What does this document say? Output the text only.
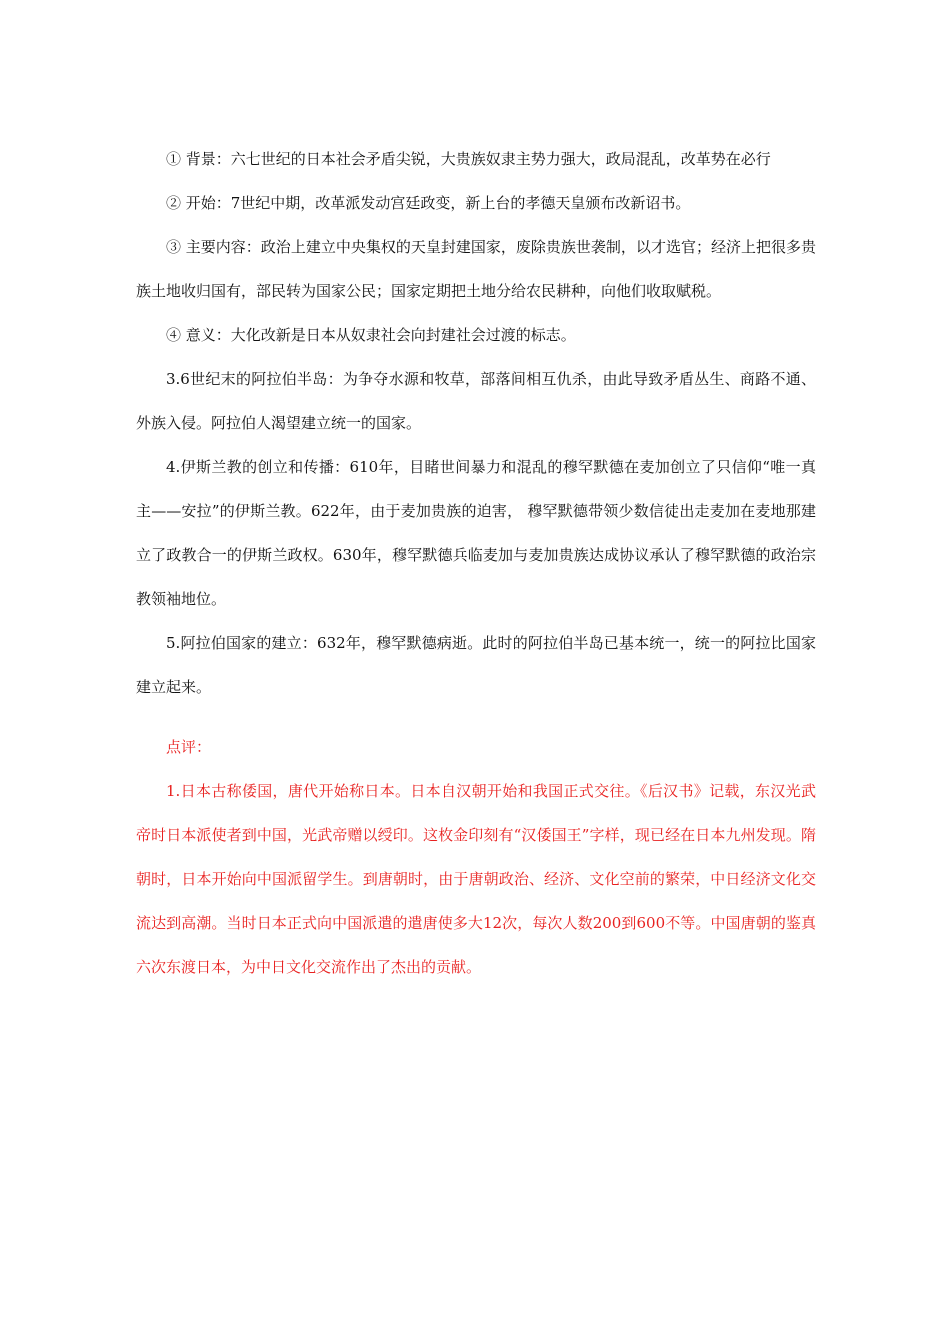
① 背景：六七世纪的日本社会矛盾尖锐，大贵族奴隶主势力强大，政局混乱，改革势在必行

② 开始：7世纪中期，改革派发动宫廷政变，新上台的孝德天皇颁布改新诏书。

③ 主要内容：政治上建立中央集权的天皇封建国家，废除贵族世袭制，以才选官；经济上把很多贵族土地收归国有，部民转为国家公民；国家定期把土地分给农民耕种，向他们收取赋税。

④ 意义：大化改新是日本从奴隶社会向封建社会过渡的标志。

3.6世纪末的阿拉伯半岛：为争夺水源和牧草，部落间相互仇杀，由此导致矛盾丛生、商路不通、外族入侵。阿拉伯人渴望建立统一的国家。

4.伊斯兰教的创立和传播：610年，目睹世间暴力和混乱的穆罕默德在麦加创立了只信仰“唯一真主——安拉”的伊斯兰教。622年，由于麦加贵族的迫害， 穆罕默德带领少数信徒出走麦加在麦地那建立了政教合一的伊斯兰政权。630年，穆罕默德兵临麦加与麦加贵族达成协议承认了穆罕默德的政治宗教领袖地位。

5.阿拉伯国家的建立：632年，穆罕默德病逝。此时的阿拉伯半岛已基本统一，统一的阿拉比国家建立起来。

点评：

1.日本古称倭国，唐代开始称日本。日本自汉朝开始和我国正式交往。《后汉书》记载，东汉光武帝时日本派使者到中国，光武帝赠以绶印。这枚金印刻有“汉倭国王”字样，现已经在日本九州发现。隋朝时，日本开始向中国派留学生。到唐朝时，由于唐朝政治、经济、文化空前的繁荣，中日经济文化交流达到高潮。当时日本正式向中国派遣的遣唐使多大12次，每次人数200到600不等。中国唐朝的鉴真六次东渡日本，为中日文化交流作出了杰出的贡献。
